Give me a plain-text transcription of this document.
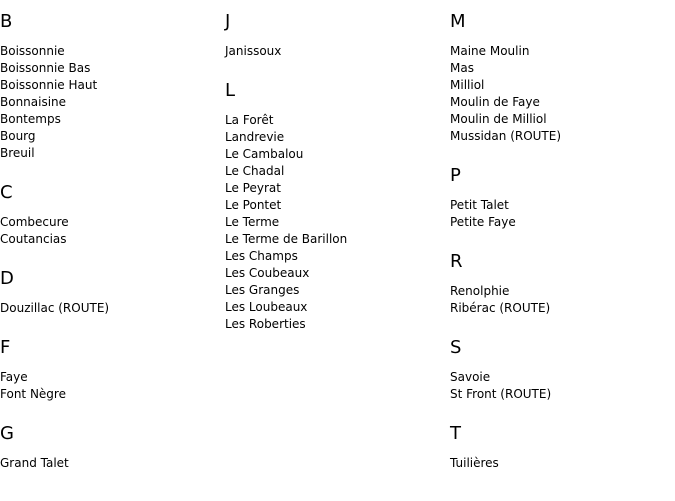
B
Boissonnie
Boissonnie Bas
Boissonnie Haut
Bonnaisine
Bontemps
Bourg
Breuil
C
Combecure
Coutancias
D
Douzillac (ROUTE)
F
Faye
Font Nègre
G
Grand Talet
J
Janissoux
L
La Forêt
Landrevie
Le Cambalou
Le Chadal
Le Peyrat
Le Pontet
Le Terme
Le Terme de Barillon
Les Champs
Les Coubeaux
Les Granges
Les Loubeaux
Les Roberties
M
Maine Moulin
Mas
Milliol
Moulin de Faye
Moulin de Milliol
Mussidan (ROUTE)
P
Petit Talet
Petite Faye
R
Renolphie
Ribérac (ROUTE)
S
Savoie
St Front (ROUTE)
T
Tuilières
